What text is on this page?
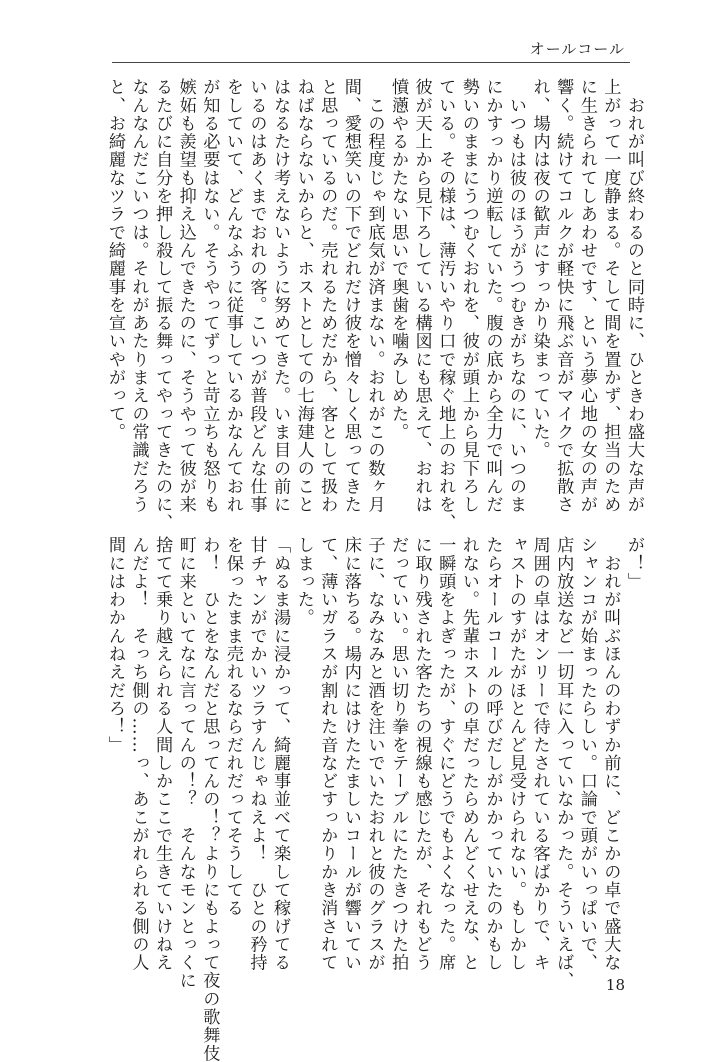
オールコール
　おれが叫び終わるのと同時に、ひときわ盛大な声が
上がって一度静まる。そして間を置かず、担当のため
に生きられてしあわせです、という夢心地の女の声が
響く。続けてコルクが軽快に飛ぶ音がマイクで拡散さ
れ、場内は夜の歓声にすっかり染まっていた。
　いつもは彼のほうがうつむきがちなのに、いつのま
にかすっかり逆転していた。腹の底から全力で叫んだ
勢いのままにうつむくおれを、彼が頭上から見下ろし
ている。その様は、薄汚いやり口で稼ぐ地上のおれを、
彼が天上から見下ろしている構図にも思えて、おれは
憤懣やるかたない思いで奥歯を噛みしめた。
　この程度じゃ到底気が済まない。おれがこの数ヶ月
間、愛想笑いの下でどれだけ彼を憎々しく思ってきた
と思っているのだ。売れるためだから、客として扱わ
ねばならないからと、ホストとしての七海建人のこと
はなるたけ考えないように努めてきた。いま目の前に
いるのはあくまでおれの客。こいつが普段どんな仕事
をしていて、どんなふうに従事しているかなんておれ
が知る必要はない。そうやってずっと苛立ちも怒りも
嫉妬も羨望も抑え込んできたのに、そうやって彼が来
るたびに自分を押し殺して振る舞ってやってきたのに、
なんなんだこいつは。それがあたりまえの常識だろう
と、お綺麗なツラで綺麗事を宣いやがって。
が！」
　おれが叫ぶほんのわずか前に、どこかの卓で盛大な
シャンコが始まったらしい。口論で頭がいっぱいで、
店内放送など一切耳に入っていなかった。そういえば、
周囲の卓はオンリーで待たされている客ばかりで、キ
ャストのすがたがほとんど見受けられない。もしかし
たらオールコールの呼びだしがかかっていたのかもし
れない。先輩ホストの卓だったらめんどくせえな、と
一瞬頭をよぎったが、すぐにどうでもよくなった。席
に取り残された客たちの視線も感じたが、それもどう
だっていい。思い切り拳をテーブルにたたきつけた拍
子に、なみなみと酒を注いでいたおれと彼のグラスが
床に落ちる。場内にはけたたましいコールが響いてい
て、薄いガラスが割れた音などすっかりかき消されて
しまった。
「ぬるま湯に浸かって、綺麗事並べて楽して稼げてる
甘チャンがでかいツラすんじゃねえよ！　ひとの矜持
を保ったまま売れるならだれだってそうしてる
わ！　ひとをなんだと思ってんの！？よりにもよって夜の歌舞伎
町に来といてなに言ってんの！？　そんなモンとっくに
捨てて乗り越えられる人間しかここで生きていけねえ
んだよ！　そっち側の……っ、あこがれられる側の人
間にはわかんねえだろ！」
18
